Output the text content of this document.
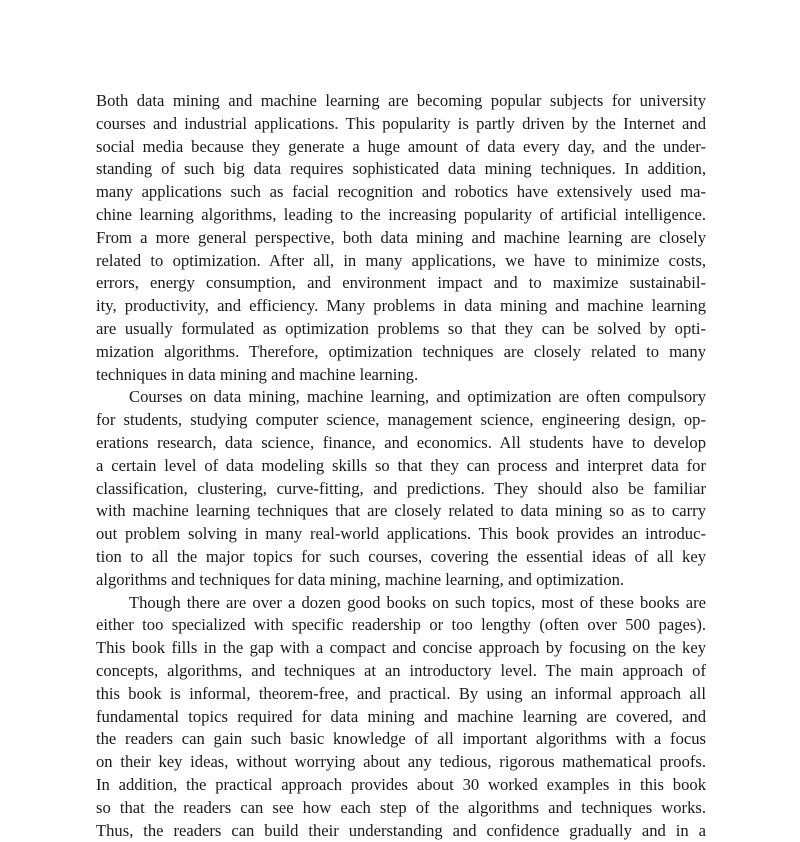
Both data mining and machine learning are becoming popular subjects for university
courses and industrial applications. This popularity is partly driven by the Internet and
social media because they generate a huge amount of data every day, and the under-
standing of such big data requires sophisticated data mining techniques. In addition,
many applications such as facial recognition and robotics have extensively used ma-
chine learning algorithms, leading to the increasing popularity of artificial intelligence.
From a more general perspective, both data mining and machine learning are closely
related to optimization. After all, in many applications, we have to minimize costs,
errors, energy consumption, and environment impact and to maximize sustainabil-
ity, productivity, and efficiency. Many problems in data mining and machine learning
are usually formulated as optimization problems so that they can be solved by opti-
mization algorithms. Therefore, optimization techniques are closely related to many
techniques in data mining and machine learning.
Courses on data mining, machine learning, and optimization are often compulsory
for students, studying computer science, management science, engineering design, op-
erations research, data science, finance, and economics. All students have to develop
a certain level of data modeling skills so that they can process and interpret data for
classification, clustering, curve-fitting, and predictions. They should also be familiar
with machine learning techniques that are closely related to data mining so as to carry
out problem solving in many real-world applications. This book provides an introduc-
tion to all the major topics for such courses, covering the essential ideas of all key
algorithms and techniques for data mining, machine learning, and optimization.
Though there are over a dozen good books on such topics, most of these books are
either too specialized with specific readership or too lengthy (often over 500 pages).
This book fills in the gap with a compact and concise approach by focusing on the key
concepts, algorithms, and techniques at an introductory level. The main approach of
this book is informal, theorem-free, and practical. By using an informal approach all
fundamental topics required for data mining and machine learning are covered, and
the readers can gain such basic knowledge of all important algorithms with a focus
on their key ideas, without worrying about any tedious, rigorous mathematical proofs.
In addition, the practical approach provides about 30 worked examples in this book
so that the readers can see how each step of the algorithms and techniques works.
Thus, the readers can build their understanding and confidence gradually and in a
